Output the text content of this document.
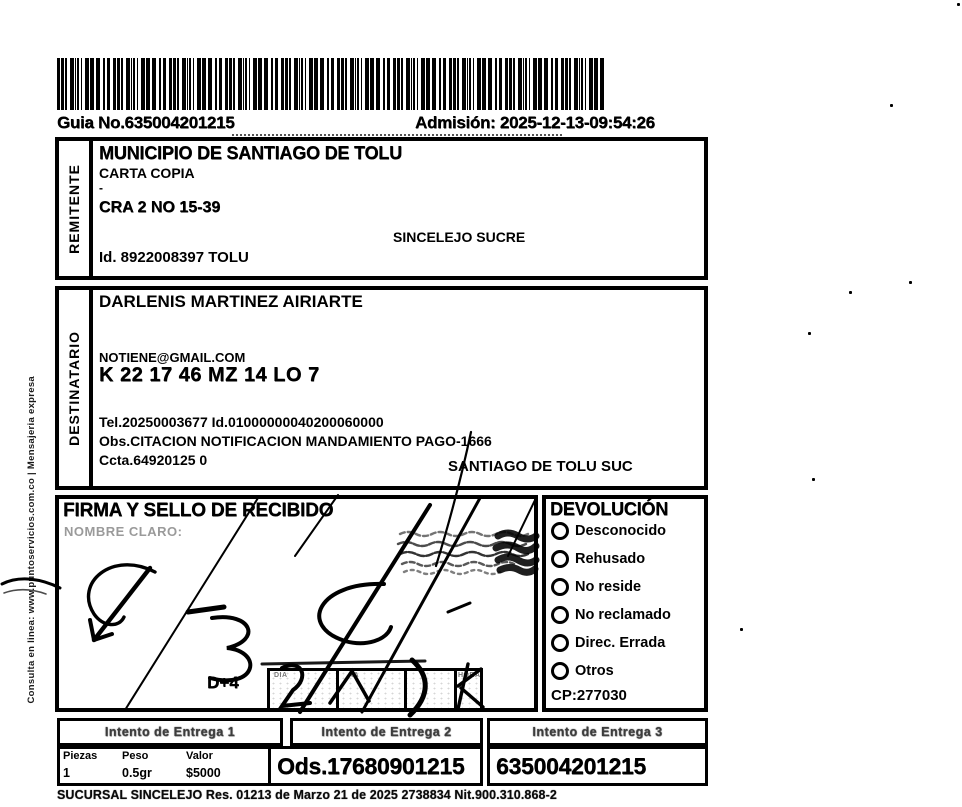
Guia No.635004201215	Admisión: 2025-12-13-09:54:26
REMITENTE
MUNICIPIO DE SANTIAGO DE TOLU
CARTA COPIA
-
CRA 2 NO 15-39
SINCELEJO SUCRE
Id. 8922008397 TOLU
DESTINATARIO
DARLENIS MARTINEZ AIRIARTE
NOTIENE@GMAIL.COM
K 22 17 46 MZ 14 LO 7
Tel.20250003677 Id.01000000040200060000
Obs.CITACION NOTIFICACION MANDAMIENTO PAGO-1666
Ccta.64920125 0	SANTIAGO DE TOLU SUC
FIRMA Y SELLO DE RECIBIDO
NOMBRE CLARO:
D+4	DIA	AA	HORA
DEVOLUCIÓN
Desconocido
Rehusado
No reside
No reclamado
Direc. Errada
Otros
CP:277030
Intento de Entrega 1	Intento de Entrega 2	Intento de Entrega 3
Piezas Peso	Valor
1	0.5gr	$5000 Ods.17680901215 635004201215
SUCURSAL SINCELEJO Res. 01213 de Marzo 21 de 2025 2738834 Nit.900.310.868-2
Consulta en linea: www.puntoservicios.com.co | Mensajeria expresa
